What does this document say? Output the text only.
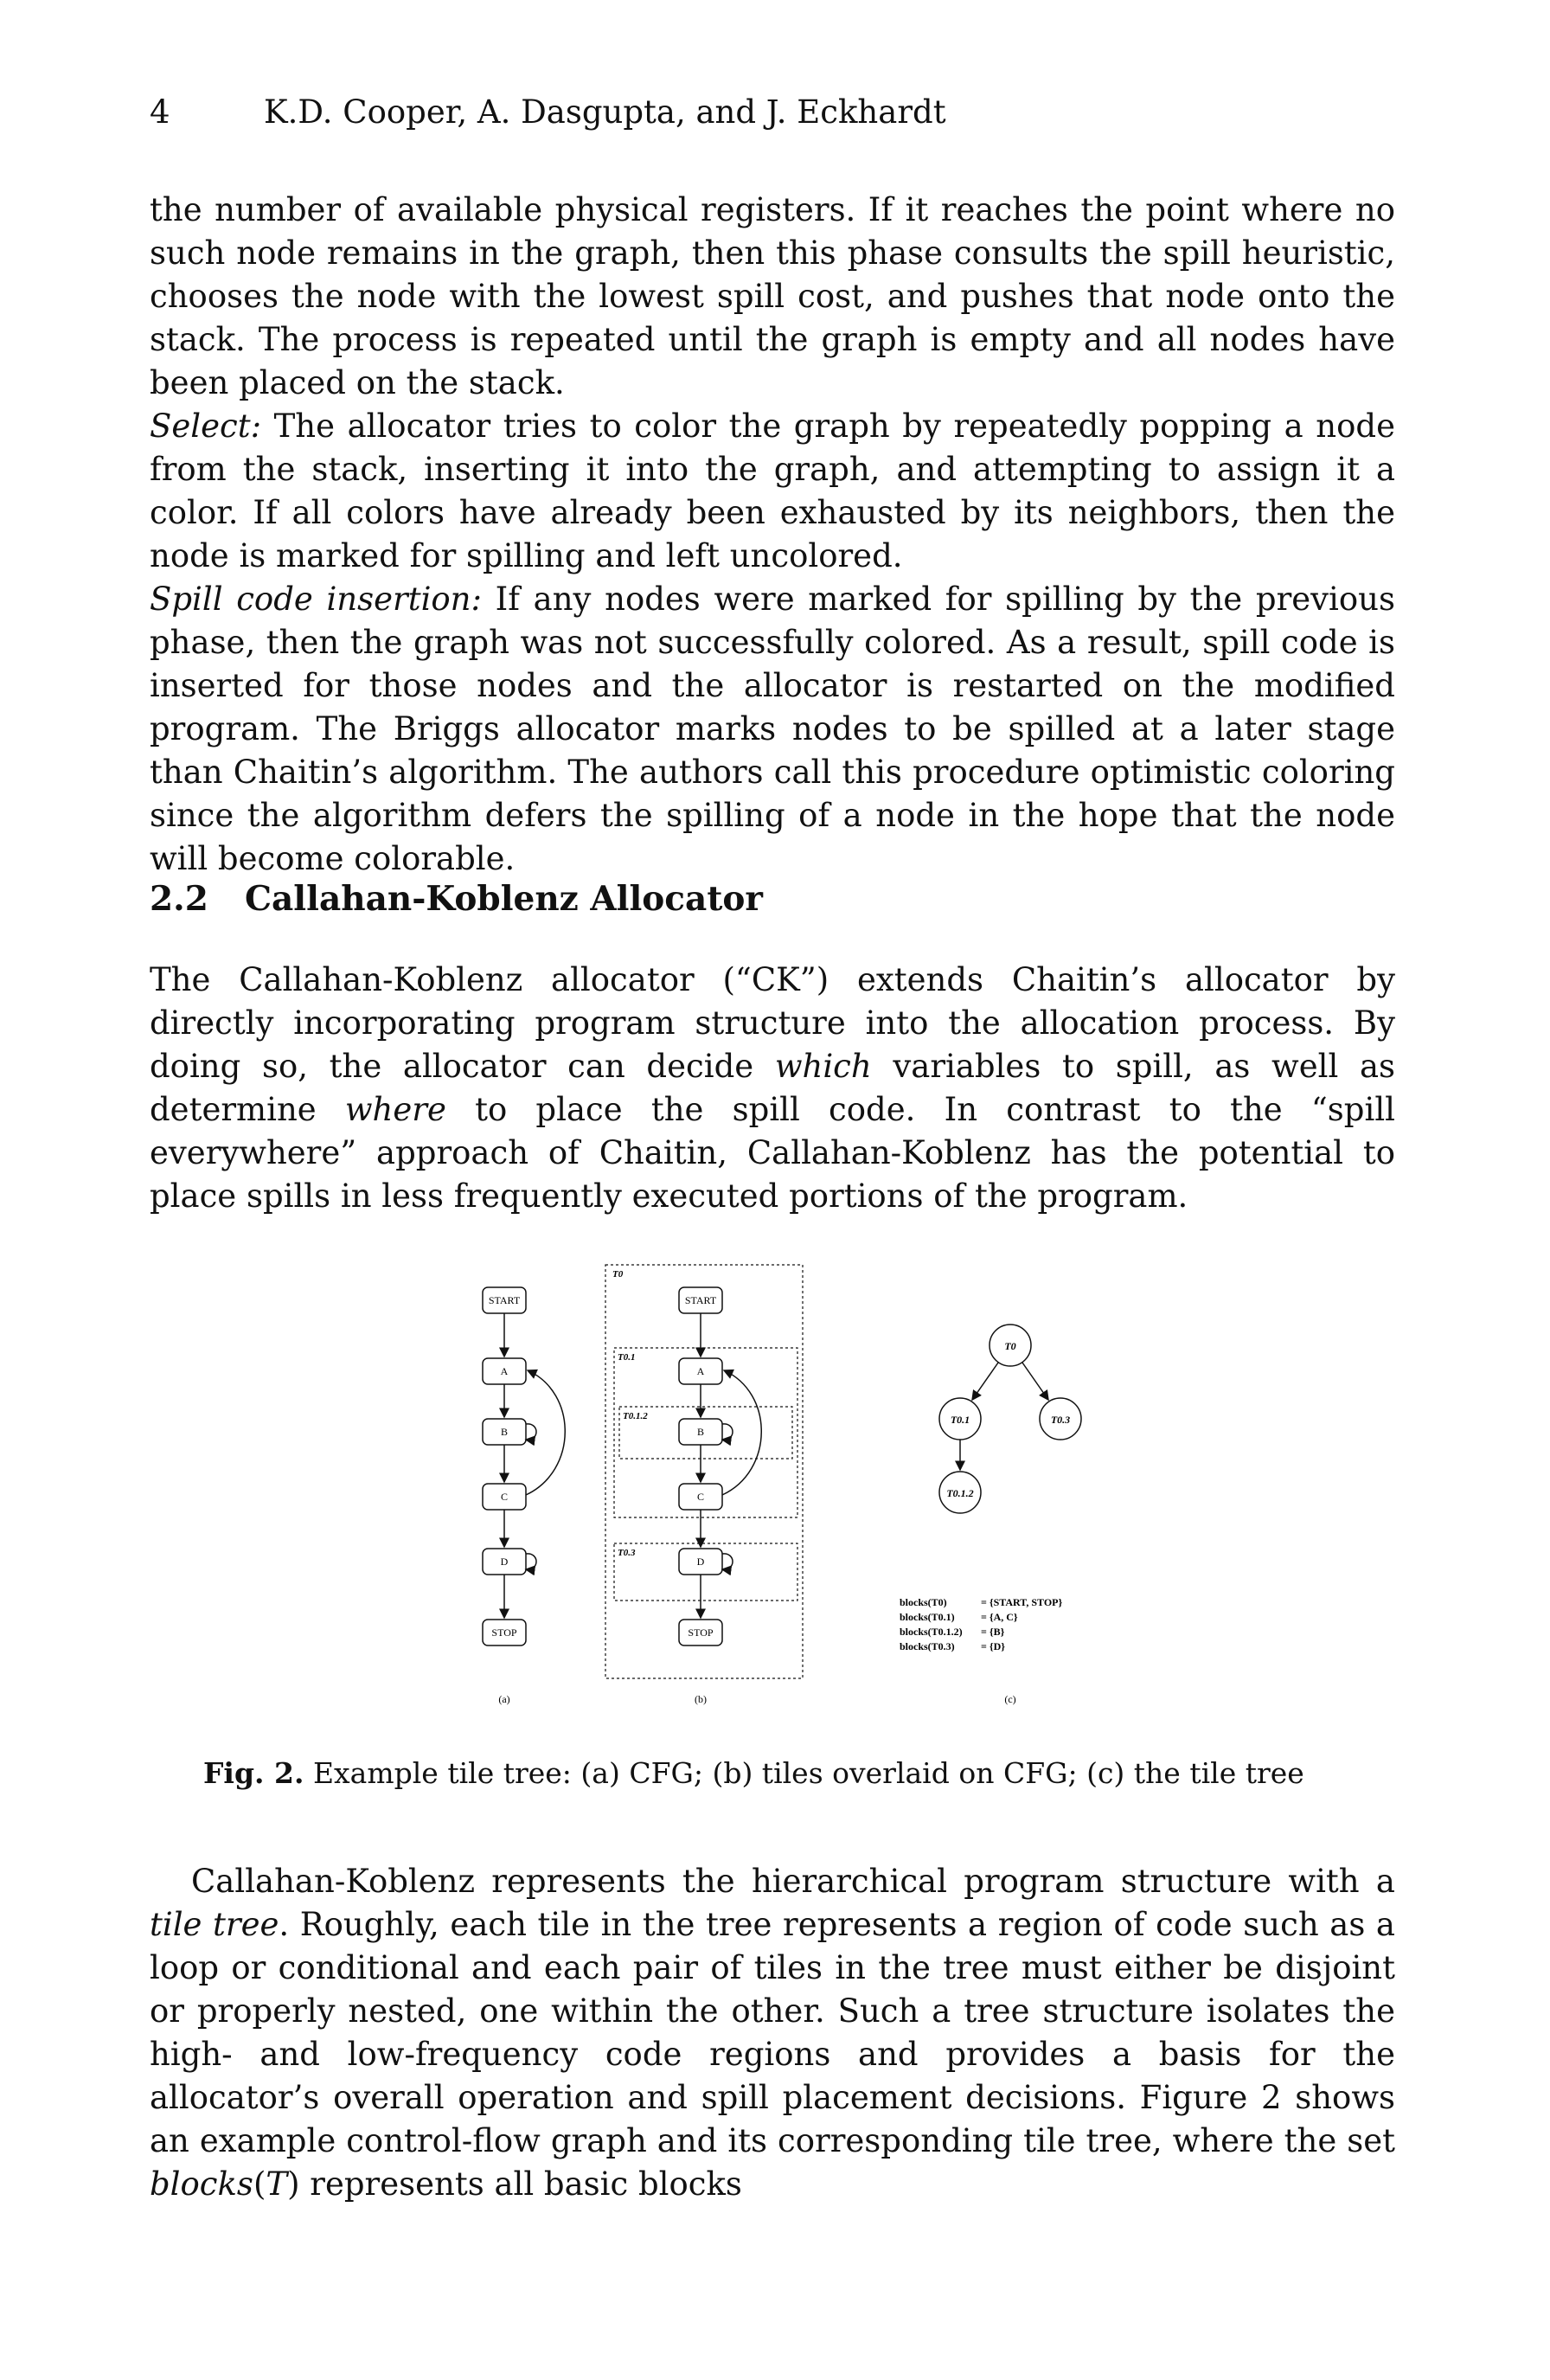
4	K.D. Cooper, A. Dasgupta, and J. Eckhardt

the number of available physical registers. If it reaches the point where no such node remains in the graph, then this phase consults the spill heuristic, chooses the node with the lowest spill cost, and pushes that node onto the stack. The process is repeated until the graph is empty and all nodes have been placed on the stack.

Select: The allocator tries to color the graph by repeatedly popping a node from the stack, inserting it into the graph, and attempting to assign it a color. If all colors have already been exhausted by its neighbors, then the node is marked for spilling and left uncolored.

Spill code insertion: If any nodes were marked for spilling by the previous phase, then the graph was not successfully colored. As a result, spill code is inserted for those nodes and the allocator is restarted on the modified program. The Briggs allocator marks nodes to be spilled at a later stage than Chaitin’s algorithm. The authors call this procedure optimistic coloring since the algorithm defers the spilling of a node in the hope that the node will become colorable.

2.2 Callahan-Koblenz Allocator

The Callahan-Koblenz allocator (“CK”) extends Chaitin’s allocator by directly incorporating program structure into the allocation process. By doing so, the allocator can decide which variables to spill, as well as determine where to place the spill code. In contrast to the “spill everywhere” approach of Chaitin, Callahan-Koblenz has the potential to place spills in less frequently executed portions of the program.

START
A
B
C
D
STOP
START
A
B
C
D
STOP
T0
T0.1
T0.1.2
T0.3
T0
T0.1	T0.3
T0.1.2
blocks(T0)	= {START, STOP}
blocks(T0.1)	= {A, C}
blocks(T0.1.2) = {B}
blocks(T0.3)	= {D}
(a)	(b)	(c)
Fig. 2. Example tile tree: (a) CFG; (b) tiles overlaid on CFG; (c) the tile tree

Callahan-Koblenz represents the hierarchical program structure with a tile tree. Roughly, each tile in the tree represents a region of code such as a loop or conditional and each pair of tiles in the tree must either be disjoint or properly nested, one within the other. Such a tree structure isolates the high- and low-frequency code regions and provides a basis for the allocator’s overall operation and spill placement decisions. Figure 2 shows an example control-flow graph and its corresponding tile tree, where the set blocks(T) represents all basic blocks
